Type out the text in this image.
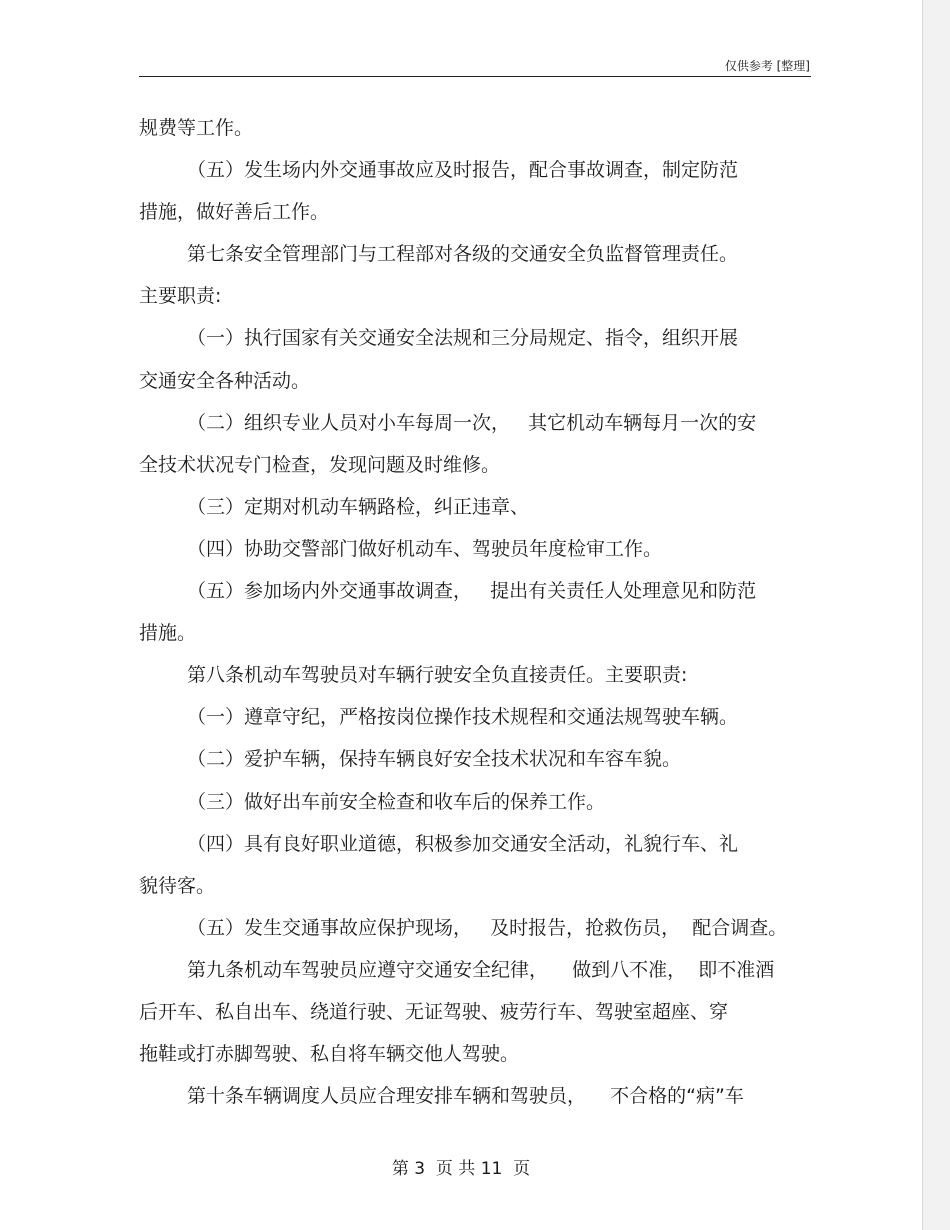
仅供参考 [整理]
规费等工作。
（五）发生场内外交通事故应及时报告，配合事故调查，制定防范
措施，做好善后工作。
第七条安全管理部门与工程部对各级的交通安全负监督管理责任。
主要职责:
（一）执行国家有关交通安全法规和三分局规定、指令，组织开展
交通安全各种活动。
（二）组织专业人员对小车每周一次，   其它机动车辆每月一次的安
全技术状况专门检查，发现问题及时维修。
（三）定期对机动车辆路检，纠正违章、
（四）协助交警部门做好机动车、驾驶员年度检审工作。
（五）参加场内外交通事故调查，   提出有关责任人处理意见和防范
措施。
第八条机动车驾驶员对车辆行驶安全负直接责任。主要职责:
（一）遵章守纪，严格按岗位操作技术规程和交通法规驾驶车辆。
（二）爱护车辆，保持车辆良好安全技术状况和车容车貌。
（三）做好出车前安全检查和收车后的保养工作。
（四）具有良好职业道德，积极参加交通安全活动，礼貌行车、礼
貌待客。
（五）发生交通事故应保护现场，   及时报告，抢救伤员，  配合调查。
第九条机动车驾驶员应遵守交通安全纪律，    做到八不准，  即不准酒
后开车、私自出车、绕道行驶、无证驾驶、疲劳行车、驾驶室超座、穿
拖鞋或打赤脚驾驶、私自将车辆交他人驾驶。
第十条车辆调度人员应合理安排车辆和驾驶员，    不合格的“病”车
第 3  页 共 11  页
